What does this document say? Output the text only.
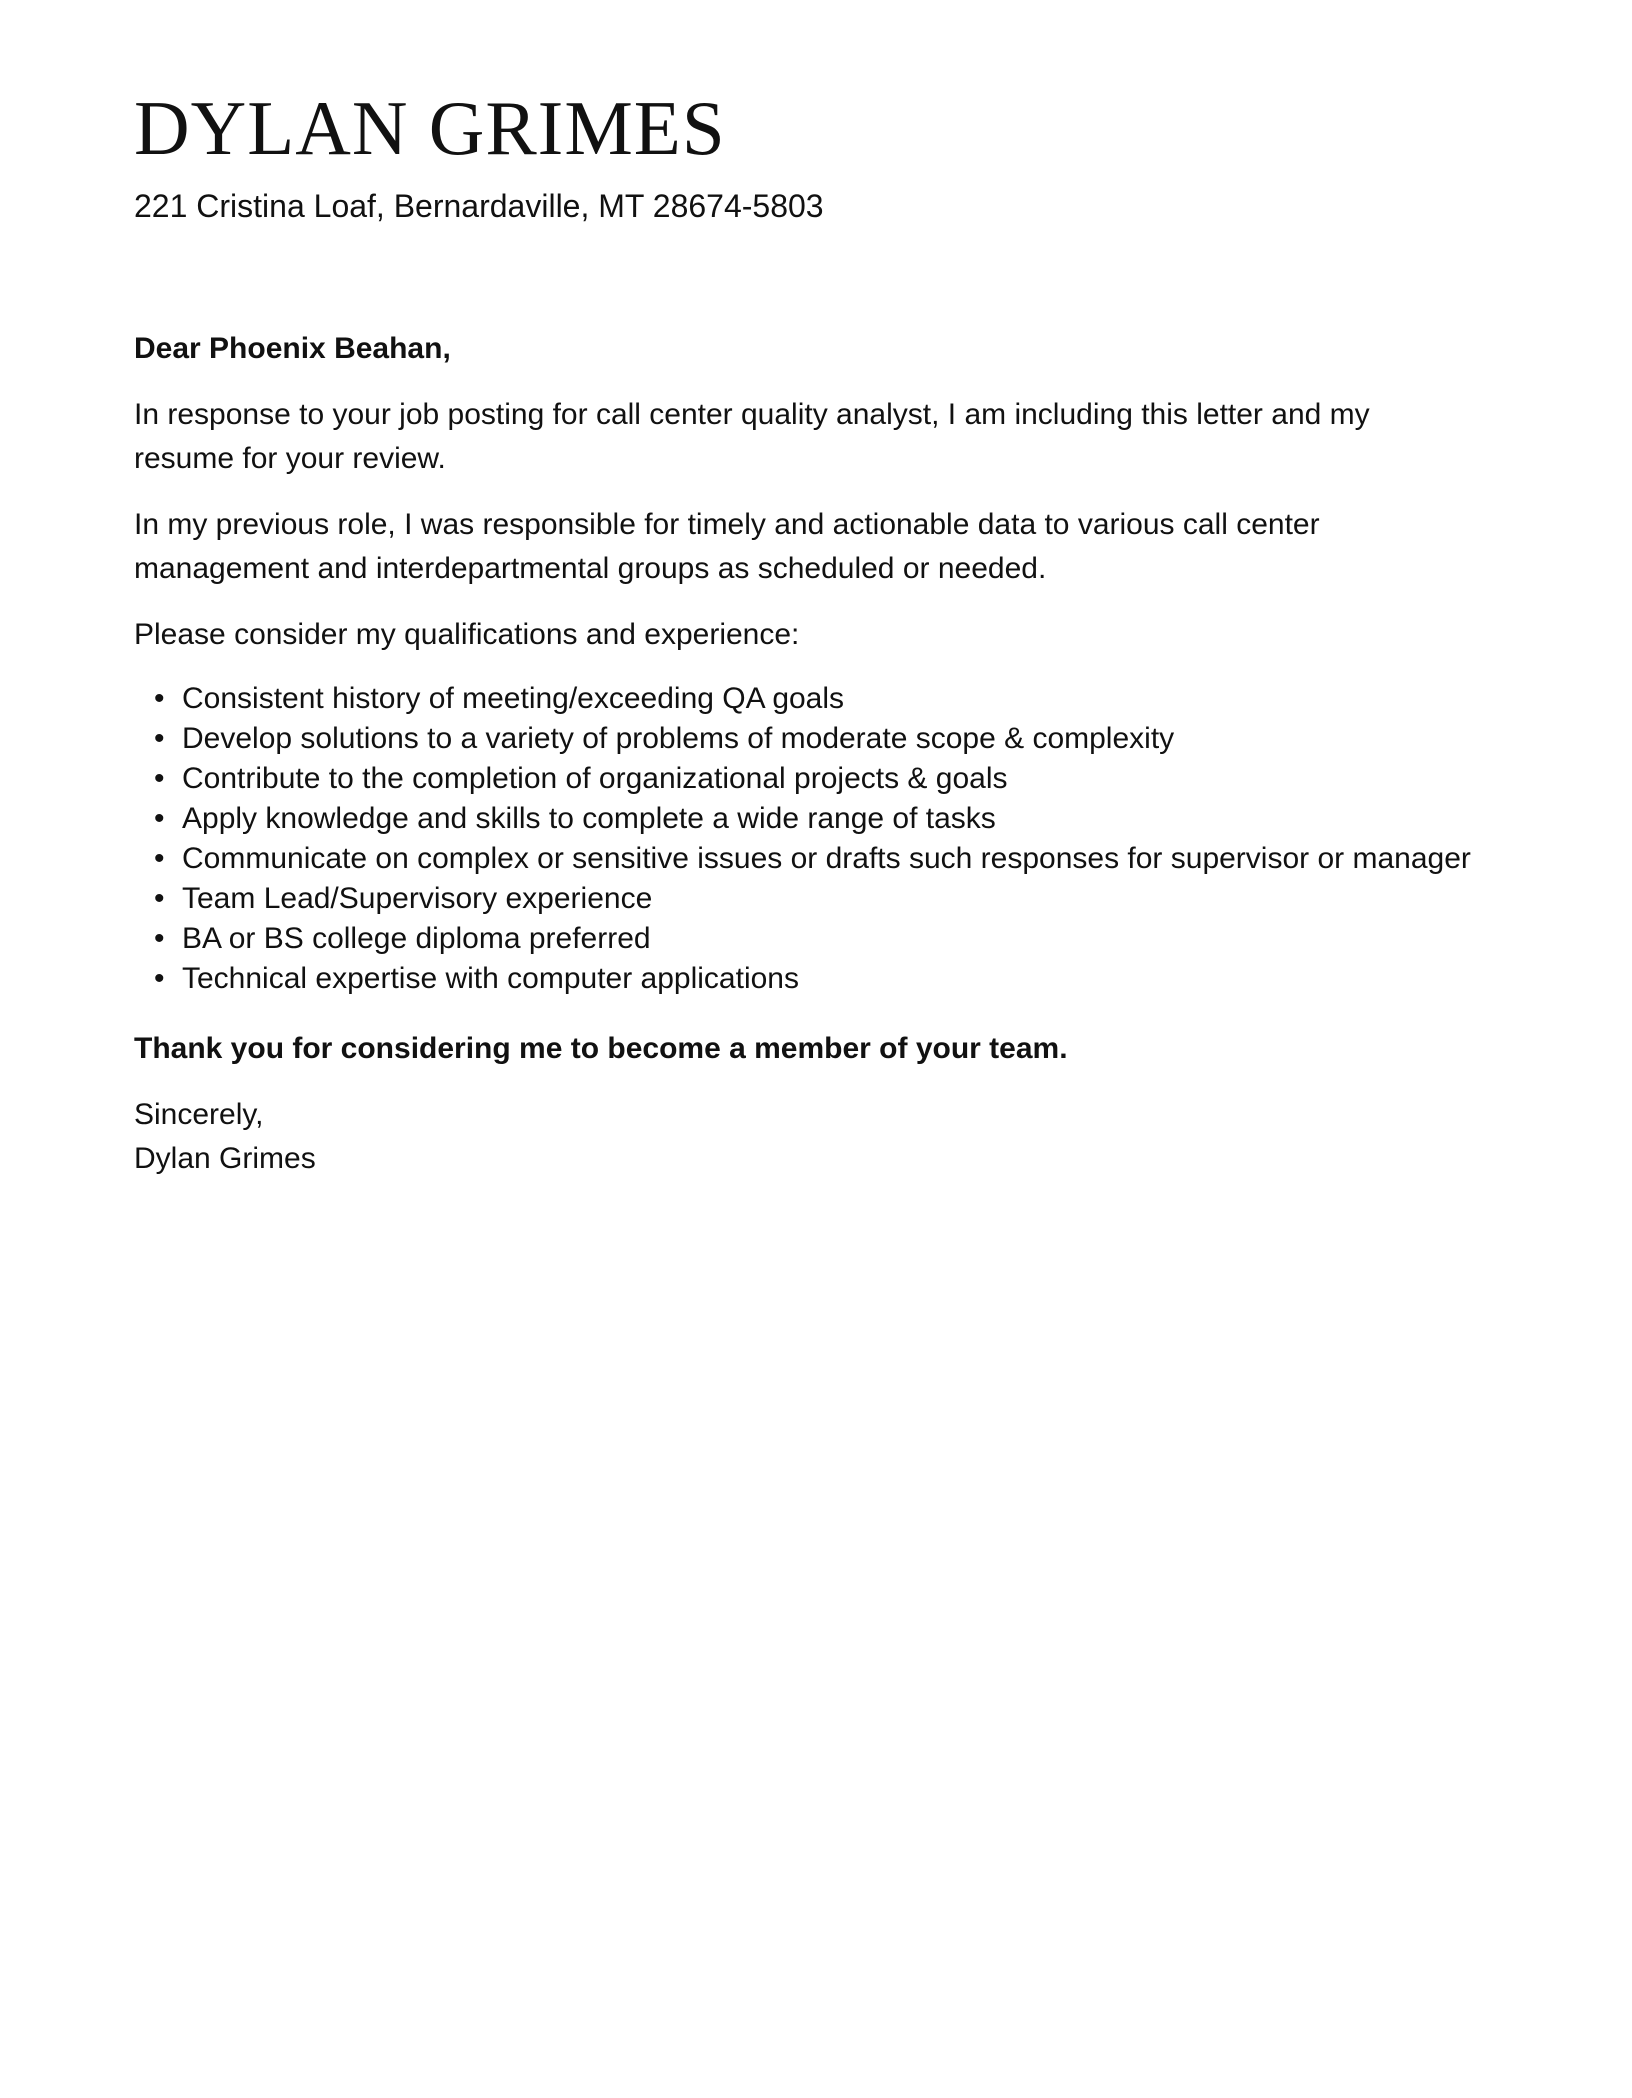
DYLAN GRIMES
221 Cristina Loaf, Bernardaville, MT 28674-5803

Dear Phoenix Beahan,

In response to your job posting for call center quality analyst, I am including this letter and my resume for your review.

In my previous role, I was responsible for timely and actionable data to various call center management and interdepartmental groups as scheduled or needed.

Please consider my qualifications and experience:

• Consistent history of meeting/exceeding QA goals
• Develop solutions to a variety of problems of moderate scope & complexity
• Contribute to the completion of organizational projects & goals
• Apply knowledge and skills to complete a wide range of tasks
• Communicate on complex or sensitive issues or drafts such responses for supervisor or manager
• Team Lead/Supervisory experience
• BA or BS college diploma preferred
• Technical expertise with computer applications

Thank you for considering me to become a member of your team.

Sincerely,

Dylan Grimes
